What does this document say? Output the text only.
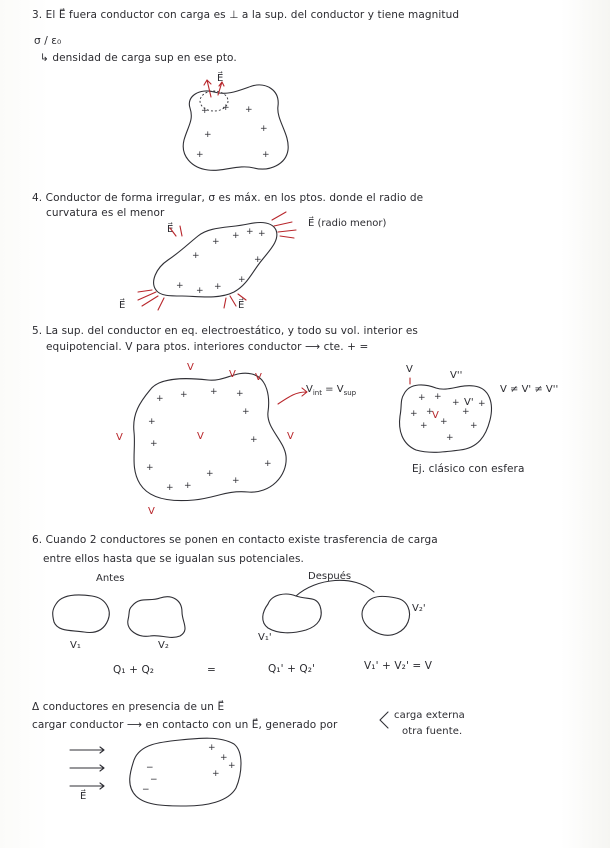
3. El E⃗ fuera conductor con carga es ⊥ a la sup. del conductor y tiene magnitud
σ / ε₀
↳ densidad de carga sup en ese pto.
E⃗
4. Conductor de forma irregular, σ es máx. en los ptos. donde el radio de
curvatura es el menor
E⃗ (radio menor)
E⃗
E⃗	E⃗
5. La sup. del conductor en eq. electroestático, y todo su vol. interior es
equipotencial. V para ptos. interiores conductor ⟶ cte. + =
$V_{int} = V_{sup}$	V ≠ V' ≠ V''
V''
V'
V
Ej. clásico con esfera
6. Cuando 2 conductores se ponen en contacto existe trasferencia de carga
entre ellos hasta que se igualan sus potenciales.
Antes	Después
V₁	V₂
V₁'
V₂'
Q₁ + Q₂	=	Q₁' + Q₂'	V₁' + V₂' = V
Δ conductores en presencia de un E⃗
cargar conductor ⟶ en contacto con un E⃗, generado por
carga externa
otra fuente.
E⃗
+ +
+
+
+
+	+
+
+ + +
+
+ + +
+
+
+ + + +
+
+
+	+
+
+ +
+
+
+
V
V V
V	V	V
V
+ +
+ +
+ +	+
+ + +
+
V
−
−
−
+
+
+
+
